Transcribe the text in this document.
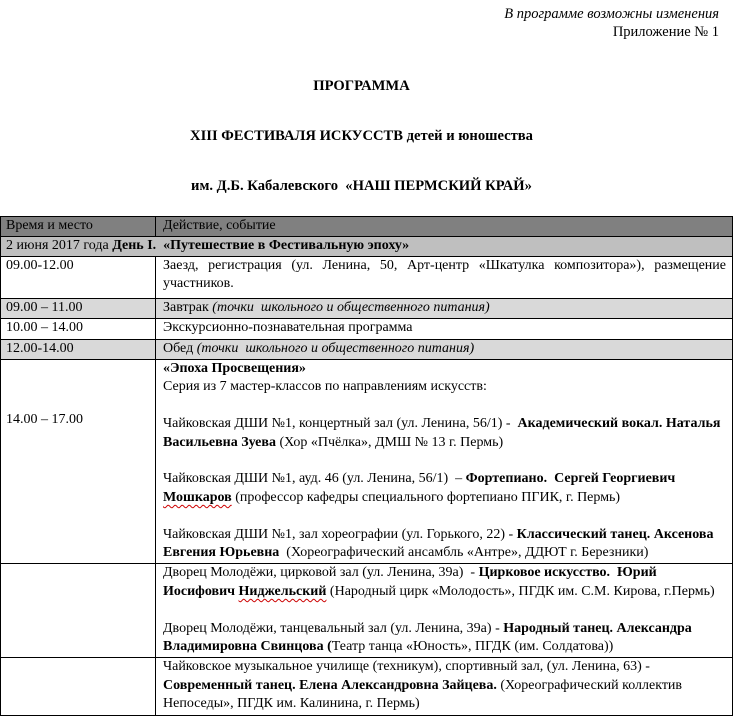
В программе возможны изменения
Приложение № 1

ПРОГРАММА

XIII ФЕСТИВАЛЯ ИСКУССТВ детей и юношества

им. Д.Б. Кабалевского  «НАШ ПЕРМСКИЙ КРАЙ»

Время и место	Действие, событие
2 июня 2017 года День I.  «Путешествие в Фестивальную эпоху»	
09.00-12.00	Заезд, регистрация (ул. Ленина, 50, Арт-центр «Шкатулка композитора»), размещение участников.

09.00 – 11.00	Завтрак (точки  школьного и общественного питания)

10.00 – 14.00	Экскурсионно-познавательная программа

12.00-14.00	Обед (точки  школьного и общественного питания)

14.00 – 17.00	«Эпоха Просвещения»
Серия из 7 мастер-классов по направлениям искусств:
Чайковская ДШИ №1, концертный зал (ул. Ленина, 56/1) -  Академический вокал. Наталья Васильевна Зуева (Хор «Пчёлка», ДМШ № 13 г. Пермь)
Чайковская ДШИ №1, ауд. 46 (ул. Ленина, 56/1)  – Фортепиано.  Сергей Георгиевич Мошкаров (профессор кафедры специального фортепиано ПГИК, г. Пермь)
Чайковская ДШИ №1, зал хореографии (ул. Горького, 22) - Классический танец. Аксенова Евгения Юрьевна  (Хореографический ансамбль «Антре», ДДЮТ г. Березники)

	Дворец Молодёжи, цирковой зал (ул. Ленина, 39а)  - Цирковое искусство.  Юрий Иосифович Ниджельский (Народный цирк «Молодость», ПГДК им. С.М. Кирова, г.Пермь)
Дворец Молодёжи, танцевальный зал (ул. Ленина, 39а) - Народный танец. Александра Владимировна Свинцова (Театр танца «Юность», ПГДК (им. Солдатова))

	Чайковское музыкальное училище (техникум), спортивный зал, (ул. Ленина, 63) - Современный танец. Елена Александровна Зайцева. (Хореографический коллектив Непоседы», ПГДК им. Калинина, г. Пермь)
